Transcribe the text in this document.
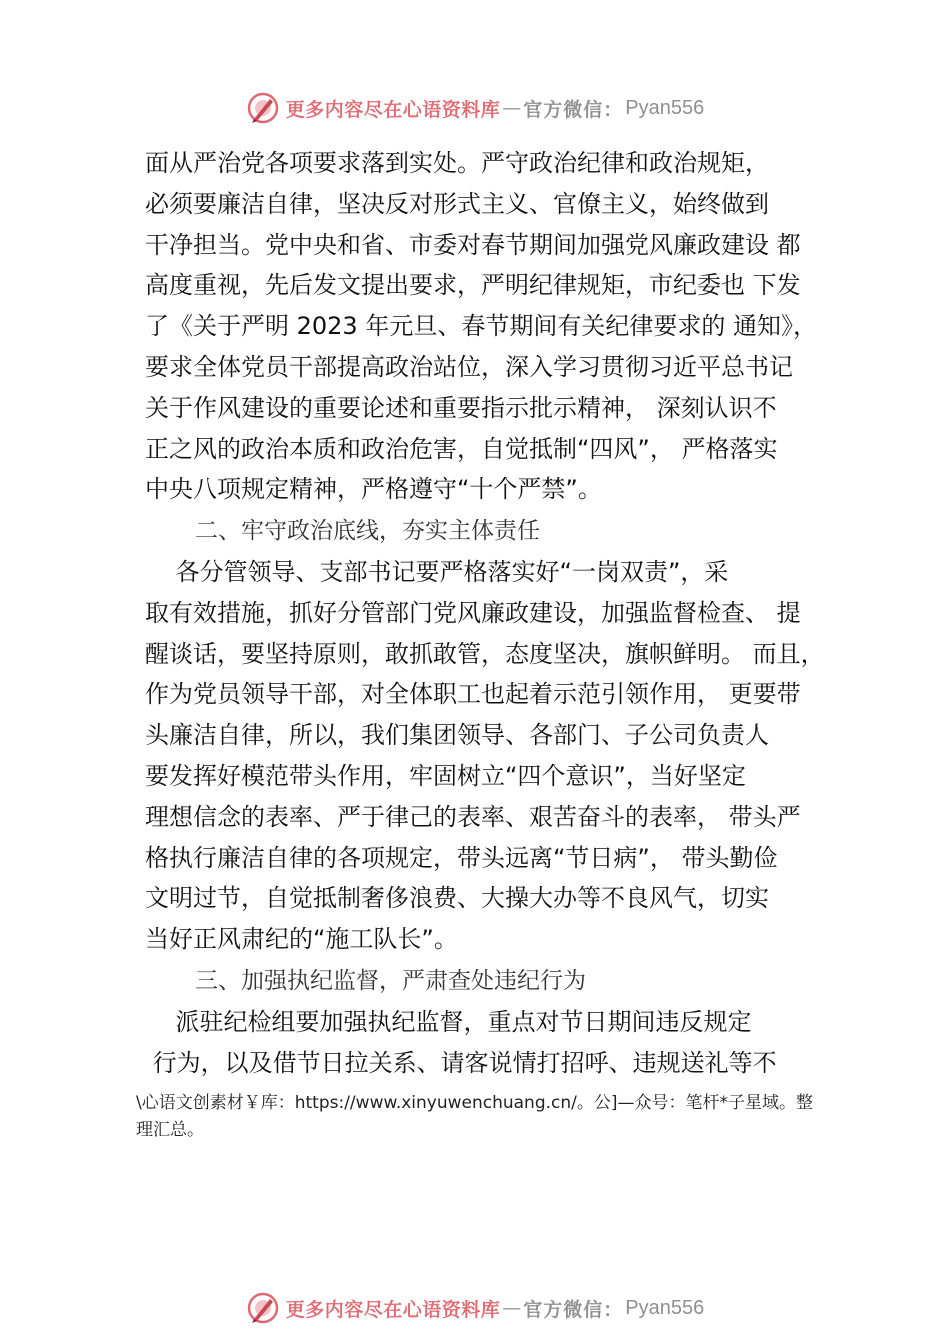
更多内容尽在心语资料库 — 官方微信： Pyan556

面从严治党各项要求落到实处。严守政治纪律和政治规矩，

必须要廉洁自律，坚决反对形式主义、官僚主义，始终做到

干净担当。党中央和省、市委对春节期间加强党风廉政建设 都

高度重视，先后发文提出要求，严明纪律规矩，市纪委也 下发

了《关于严明 2023 年元旦、春节期间有关纪律要求的 通知》，

要求全体党员干部提高政治站位，深入学习贯彻习近平总书记

关于作风建设的重要论述和重要指示批示精神， 深刻认识不

正之风的政治本质和政治危害，自觉抵制“四风”， 严格落实

中央八项规定精神，严格遵守“十个严禁”。

二、牢守政治底线，夯实主体责任

各分管领导、支部书记要严格落实好“一岗双责”，采

取有效措施，抓好分管部门党风廉政建设，加强监督检查、 提

醒谈话，要坚持原则，敢抓敢管，态度坚决，旗帜鲜明。 而且，

作为党员领导干部，对全体职工也起着示范引领作用， 更要带

头廉洁自律，所以，我们集团领导、各部门、子公司负责人

要发挥好模范带头作用，牢固树立“四个意识”，当好坚定

理想信念的表率、严于律己的表率、艰苦奋斗的表率， 带头严

格执行廉洁自律的各项规定，带头远离“节日病”， 带头勤俭

文明过节，自觉抵制奢侈浪费、大操大办等不良风气，切实

当好正风肃纪的“施工队长”。

三、加强执纪监督，严肃查处违纪行为

派驻纪检组要加强执纪监督，重点对节日期间违反规定

行为，以及借节日拉关系、请客说情打招呼、违规送礼等不

\心语文创素材￥库：https://www.xinyuwenchuang.cn/。公]—众号：笔杆*子星域。整
理汇总。
更多内容尽在心语资料库 — 官方微信： Pyan556
